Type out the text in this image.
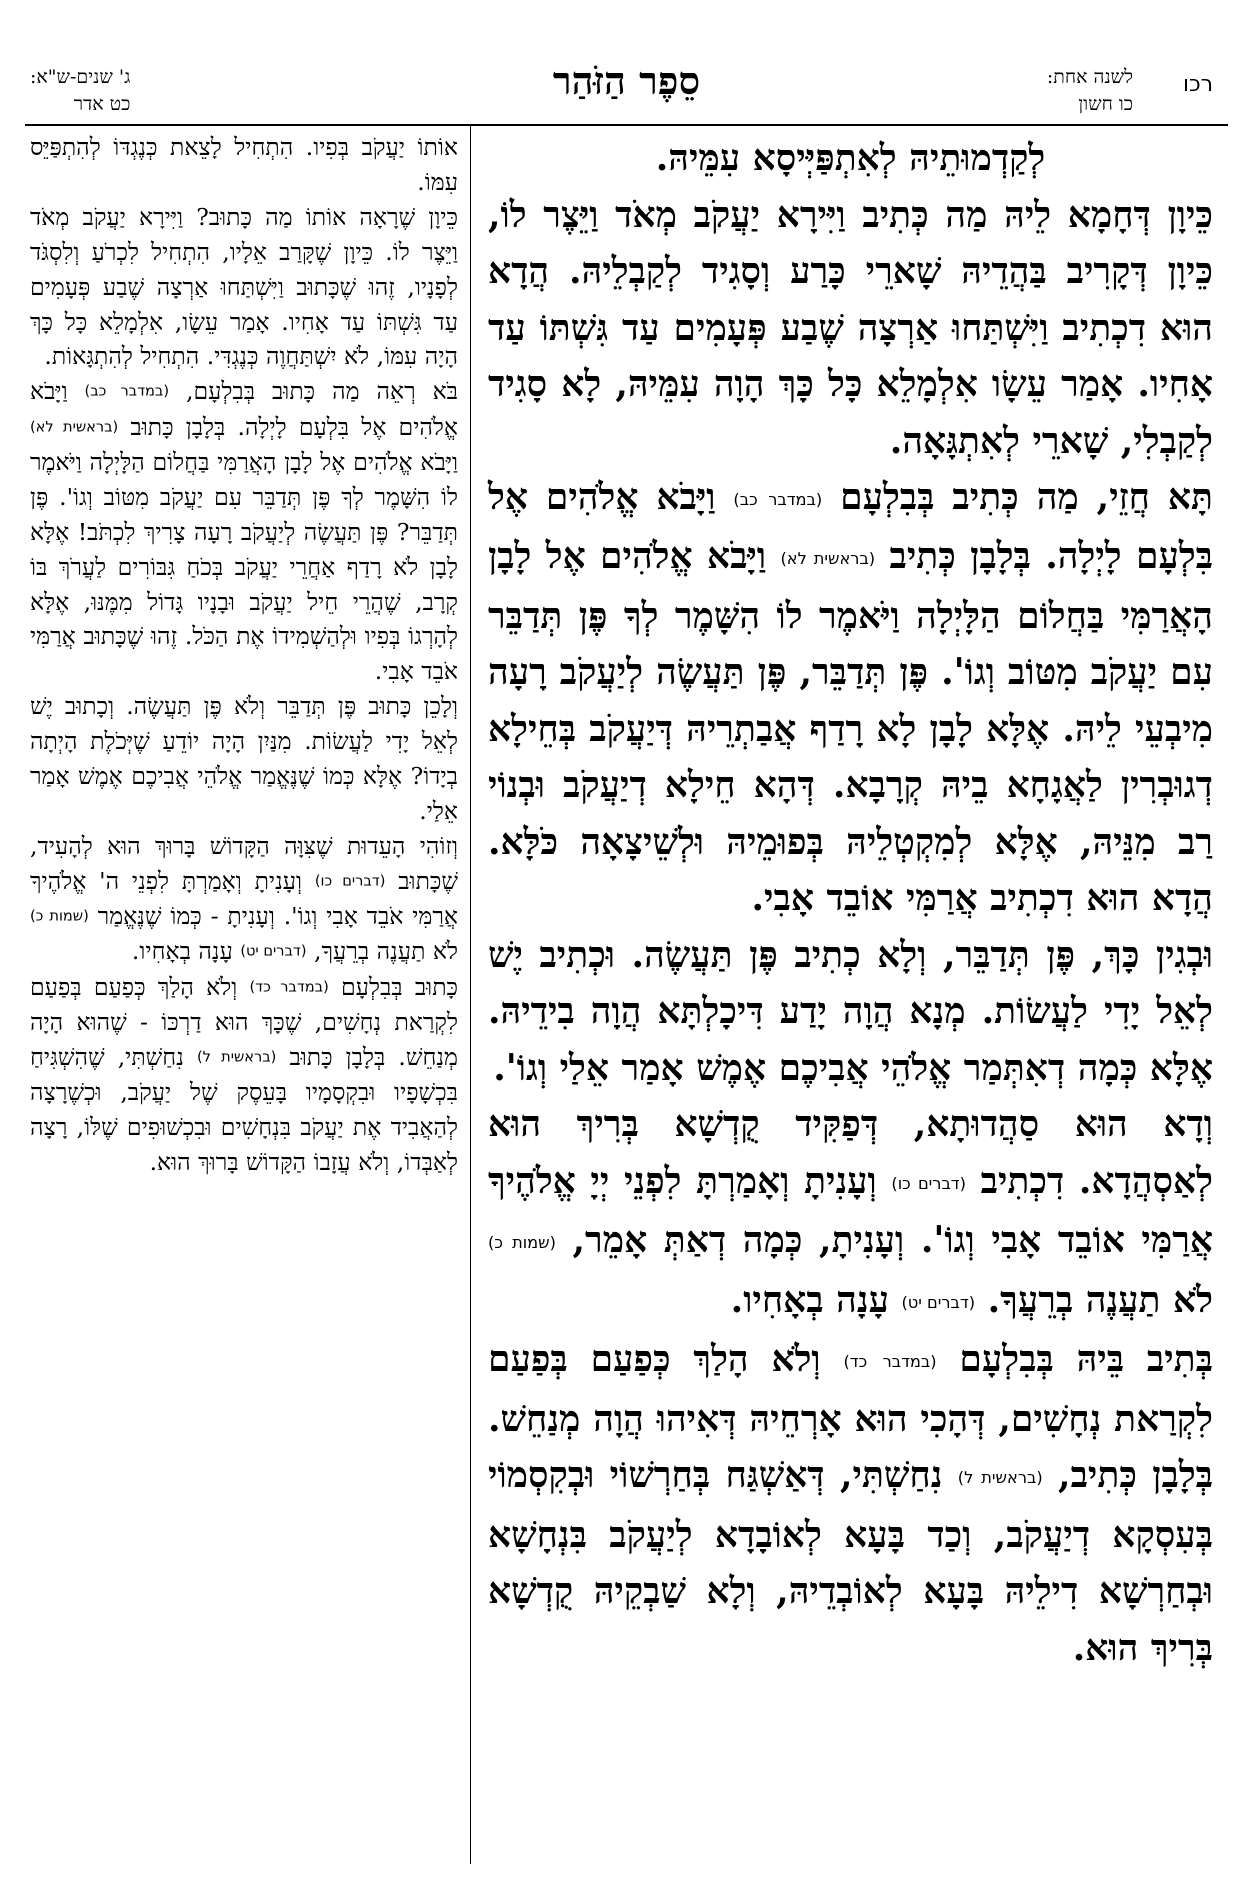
רכו
לשנה אחת:
כו חשון
סֵפֶר הַזֹּהַר
ג' שנים-ש"א:
כט אדר

לְקַדְמוּתֵיהּ לְאִתְפַּיְּיסָא עִמֵּיהּ.

כֵּיוָן דְּחָמָא לֵיהּ מַה כְּתִיב וַיִּירָא יַעֲקֹב מְאֹד וַיֵּצֶר לוֹ, כֵּיוָן דְּקָרִיב בַּהֲדֵיהּ שָׁארֵי כָּרַע וְסָגִיד לְקַבְלֵיהּ. הֲדָא הוּא דִכְתִיב וַיִּשְׁתַּחוּ אַרְצָה שֶׁבַע פְּעָמִים עַד גִּשְׁתּוֹ עַד אָחִיו. אָמַר עֵשָׂו אִלְמָלֵא כָּל כָּךְ הָוָה עִמֵּיהּ, לָא סָגִיד לְקַבְלִי, שָׁארֵי לְאִתְגָּאָה.

תָּא חֲזֵי, מַה כְּתִיב בְּבִלְעָם (במדבר כב) וַיָּבֹא אֱלֹהִים אֶל בִּלְעָם לָיְלָה. בְּלָבָן כְּתִיב (בראשית לא) וַיָּבֹא אֱלֹהִים אֶל לָבָן הָאֲרַמִּי בַּחֲלוֹם הַלָּיְלָה וַיֹּאמֶר לוֹ הִשָּׁמֶר לְךָ פֶּן תְּדַבֵּר עִם יַעֲקֹב מִטּוֹב וְגוֹ'. פֶּן תְּדַבֵּר, פֶּן תַּעֲשֶׂה לְיַעֲקֹב רָעָה מִיבְעֵי לֵיהּ. אֶלָּא לָבָן לָא רָדַף אֲבַתְרֵיהּ דְּיַעֲקֹב בְּחֵילָא דְגוּבְרִין לַאֲגָחָא בֵיהּ קְרָבָא. דְּהָא חֵילָא דְיַעֲקֹב וּבְנוֹי רַב מִנֵּיהּ, אֶלָּא לְמִקְטְלֵיהּ בְּפוּמֵיהּ וּלְשֵׁיצָאָה כֹּלָּא. הֲדָא הוּא דִכְתִיב אֲרַמִּי אוֹבֵד אָבִי.

וּבְגִין כָּךְ, פֶּן תְּדַבֵּר, וְלָא כְתִיב פֶּן תַּעֲשֶׂה. וּכְתִיב יֶשׁ לְאֵל יָדִי לַעֲשׂוֹת. מְנָא הֲוָה יָדַע דִּיכָלְתָּא הֲוָה בִידֵיהּ. אֶלָּא כְּמָה דְאִתְּמַר אֱלֹהֵי אֲבִיכֶם אֶמֶשׁ אָמַר אֵלַי וְגוֹ'.

וְדָא הוּא סַהֲדוּתָא, דְּפַקִּיד קֻדְשָׁא בְּרִיךְ הוּא לְאַסְהֲדָא. דִכְתִיב (דברים כו) וְעָנִיתָ וְאָמַרְתָּ לִפְנֵי יְיָ אֱלֹהֶיךָ אֲרַמִּי אוֹבֵד אָבִי וְגוֹ'. וְעָנִיתָ, כְּמָה דְאַתְּ אָמֵר, (שמות כ) לֹא תַעֲנֶה בְרֵעֲךָ. (דברים יט) עָנָה בְאָחִיו.

בְּתִיב בֵּיהּ בְּבִלְעָם (במדבר כד) וְלֹא הָלַךְ כְּפַעַם בְּפַעַם לִקְרַאת נְחָשִׁים, דְּהָכִי הוּא אָרְחֵיהּ דְּאִיהוּ הֲוָה מְנַחֵשׁ. בְּלָבָן כְּתִיב, (בראשית ל) נִחַשְׁתִּי, דְּאַשְׁגַּח בְּחַרְשׁוֹי וּבְקִסְמוֹי בְּעִסְקָא דְיַעֲקֹב, וְכַד בָּעָא לְאוֹבָדָא לְיַעֲקֹב בִּנְחָשָׁא וּבְחַרְשָׁא דִילֵיהּ בָּעָא לְאוֹבְדֵיהּ, וְלָא שַׁבְקֵיהּ קֻדְשָׁא בְּרִיךְ הוּא.

אוֹתוֹ יַעֲקֹב בְּפִיו. הִתְחִיל לָצֵאת כְּנֶגְדּוֹ לְהִתְפַּיֵּס עִמּוֹ.

כֵּיוָן שֶׁרָאָה אוֹתוֹ מַה כָּתוּב? וַיִּירָא יַעֲקֹב מְאֹד וַיֵּצֶר לוֹ. כֵּיוָן שֶׁקָּרַב אֵלָיו, הִתְחִיל לִכְרֹעַ וְלִסְגֹּד לְפָנָיו, זֶהוּ שֶׁכָּתוּב וַיִּשְׁתַּחוּ אַרְצָה שֶׁבַע פְּעָמִים עַד גִּשְׁתּוֹ עַד אָחִיו. אָמַר עֵשָׂו, אִלְמָלֵא כָּל כָּךְ הָיָה עִמּוֹ, לֹא יִשְׁתַּחֲוֶה כְּנֶגְדִּי. הִתְחִיל לְהִתְגָּאוֹת.

בֹּא רְאֵה מַה כָּתוּב בְּבִלְעָם, (במדבר כב) וַיָּבֹא אֱלֹהִים אֶל בִּלְעָם לָיְלָה. בְּלָבָן כָּתוּב (בראשית לא) וַיָּבֹא אֱלֹהִים אֶל לָבָן הָאֲרַמִּי בַּחֲלוֹם הַלָּיְלָה וַיֹּאמֶר לוֹ הִשָּׁמֶר לְךָ פֶּן תְּדַבֵּר עִם יַעֲקֹב מִטּוֹב וְגוֹ'. פֶּן תְּדַבֵּר? פֶּן תַּעֲשֶׂה לְיַעֲקֹב רָעָה צָרִיךְ לִכְתֹּב! אֶלָּא לָבָן לֹא רָדַף אַחֲרֵי יַעֲקֹב בְּכֹחַ גִּבּוֹרִים לַעֲרֹךְ בּוֹ קְרָב, שֶׁהֲרֵי חֵיל יַעֲקֹב וּבָנָיו גָּדוֹל מִמֶּנּוּ, אֶלָּא לְהָרְגוֹ בְּפִיו וּלְהַשְׁמִידוֹ אֶת הַכֹּל. זֶהוּ שֶׁכָּתוּב אֲרַמִּי אֹבֵד אָבִי.

וְלָכֵן כָּתוּב פֶּן תְּדַבֵּר וְלֹא פֶּן תַּעֲשֶׂה. וְכָתוּב יֶשׁ לְאֵל יָדִי לַעֲשׂוֹת. מִנַּיִן הָיָה יוֹדֵעַ שֶׁיְּכֹלֶת הָיְתָה בְיָדוֹ? אֶלָּא כְּמוֹ שֶׁנֶּאֱמַר אֱלֹהֵי אֲבִיכֶם אֶמֶשׁ אָמַר אֵלַי.

וְזוֹהִי הָעֵדוּת שֶׁצִּוָּה הַקָּדוֹשׁ בָּרוּךְ הוּא לְהָעִיד, שֶׁכָּתוּב (דברים כו) וְעָנִיתָ וְאָמַרְתָּ לִפְנֵי ה' אֱלֹהֶיךָ אֲרַמִּי אֹבֵד אָבִי וְגוֹ'. וְעָנִיתָ - כְּמוֹ שֶׁנֶּאֱמַר (שמות כ) לֹא תַעֲנֶה בְרֵעֲךָ, (דברים יט) עָנָה בְאָחִיו.

כָּתוּב בְּבִלְעָם (במדבר כד) וְלֹא הָלַךְ כְּפַעַם בְּפַעַם לִקְרַאת נְחָשִׁים, שֶׁכָּךְ הוּא דַרְכּוֹ - שֶׁהוּא הָיָה מְנַחֵשׁ. בְּלָבָן כָּתוּב (בראשית ל) נִחַשְׁתִּי, שֶׁהִשְׁגִּיחַ בִּכְשָׁפָיו וּבִקְסָמָיו בָּעֵסֶק שֶׁל יַעֲקֹב, וּכְשֶׁרָצָה לְהַאֲבִיד אֶת יַעֲקֹב בִּנְחָשִׁים וּבִכְשׁוּפִים שֶׁלּוֹ, רָצָה לְאַבְּדוֹ, וְלֹא עֲזָבוֹ הַקָּדוֹשׁ בָּרוּךְ הוּא.
